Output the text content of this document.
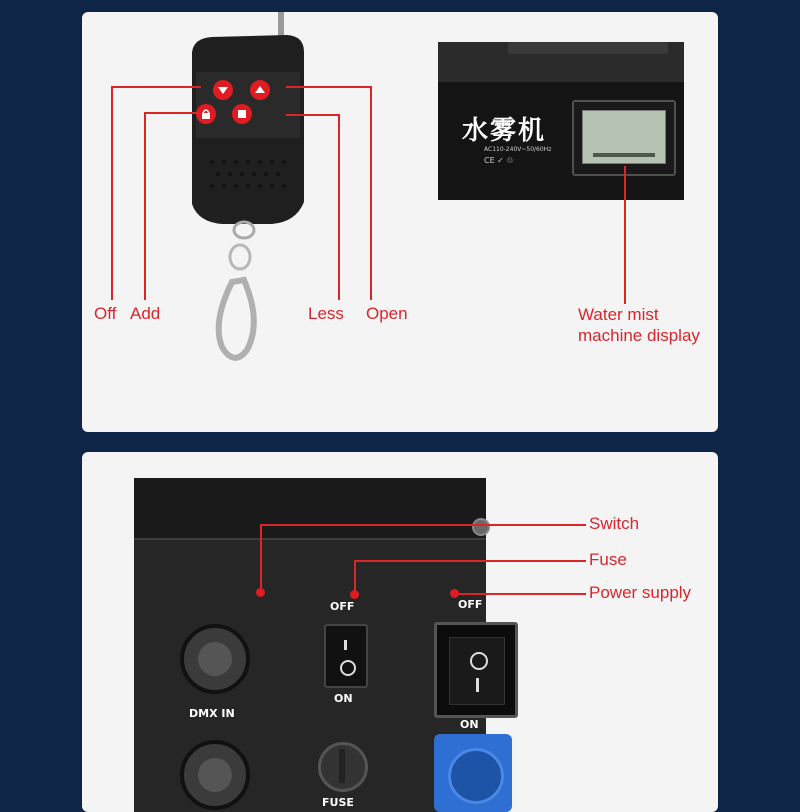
Off Add	Less Open
水雾机
AC110-240V~50/60Hz
CE ✓ ♲
Water mist
machine display
DMX IN
OFF
ON
FUSE
OFF
ON
Switch
Fuse
Power supply
